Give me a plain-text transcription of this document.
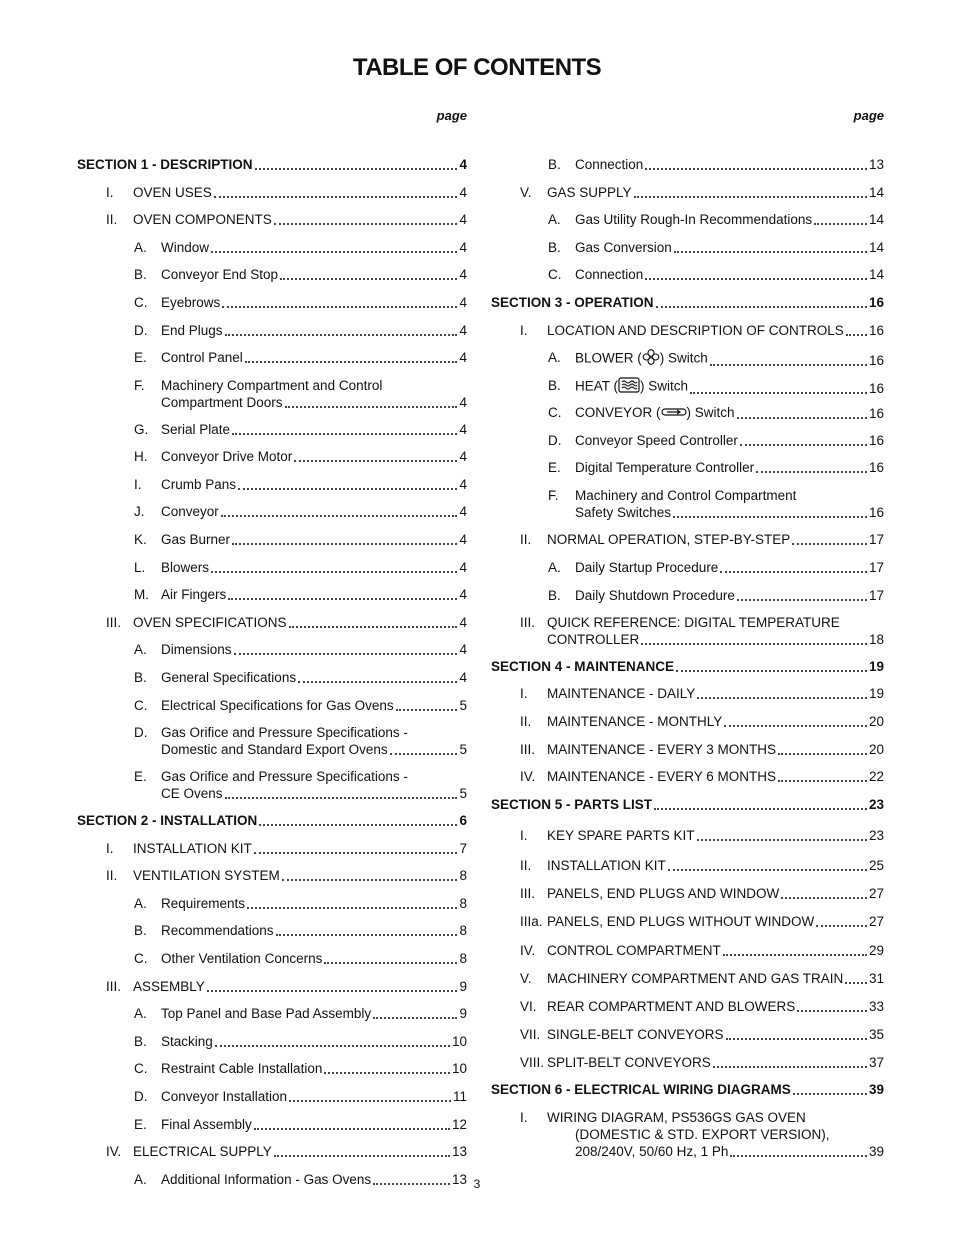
TABLE OF CONTENTS
page
SECTION 1 - DESCRIPTION	4
I. OVEN USES	4
II. OVEN COMPONENTS	4
A. Window	4
B. Conveyor End Stop	4
C. Eyebrows	4
D. End Plugs	4
E. Control Panel	4
F.	Machinery Compartment and Control
Compartment Doors	4
G. Serial Plate	4
H. Conveyor Drive Motor	4
I. Crumb Pans	4
J. Conveyor	4
K. Gas Burner	4
L. Blowers	4
M. Air Fingers	4
III. OVEN SPECIFICATIONS	4
A. Dimensions	4
B. General Specifications	4
C. Electrical Specifications for Gas Ovens	5
D.	Gas Orifice and Pressure Specifications -
Domestic and Standard Export Ovens	5
E.	Gas Orifice and Pressure Specifications -
CE Ovens	5
SECTION 2 - INSTALLATION	6
I. INSTALLATION KIT	7
II. VENTILATION SYSTEM	8
A. Requirements	8
B. Recommendations	8
C. Other Ventilation Concerns	8
III. ASSEMBLY	9
A. Top Panel and Base Pad Assembly	9
B. Stacking	10
C. Restraint Cable Installation	10
D. Conveyor Installation	11
E. Final Assembly	12
IV. ELECTRICAL SUPPLY	13
A. Additional Information - Gas Ovens	13
page
B. Connection	13
V. GAS SUPPLY	14
A. Gas Utility Rough-In Recommendations	14
B. Gas Conversion	14
C. Connection	14
SECTION 3 - OPERATION	16
I. LOCATION AND DESCRIPTION OF CONTROLS 16
A. BLOWER ( ) Switch	16
B. HEAT ( ) Switch	16
C. CONVEYOR ( ) Switch	16
D. Conveyor Speed Controller	16
E. Digital Temperature Controller	16
F.	Machinery and Control Compartment
Safety Switches	16
II. NORMAL OPERATION, STEP-BY-STEP	17
A. Daily Startup Procedure	17
B. Daily Shutdown Procedure	17
III. QUICK REFERENCE: DIGITAL TEMPERATURE
CONTROLLER	18
SECTION 4 - MAINTENANCE	19
I. MAINTENANCE - DAILY	19
II. MAINTENANCE - MONTHLY	20
III. MAINTENANCE - EVERY 3 MONTHS	20
IV. MAINTENANCE - EVERY 6 MONTHS	22
SECTION 5 - PARTS LIST	23
I. KEY SPARE PARTS KIT	23
II. INSTALLATION KIT	25
III. PANELS, END PLUGS AND WINDOW	27
IIIa. PANELS, END PLUGS WITHOUT WINDOW	27
IV. CONTROL COMPARTMENT	29
V. MACHINERY COMPARTMENT AND GAS TRAIN 31
VI. REAR COMPARTMENT AND BLOWERS	33
VII. SINGLE-BELT CONVEYORS	35
VIII. SPLIT-BELT CONVEYORS	37
SECTION 6 - ELECTRICAL WIRING DIAGRAMS	39
I.	WIRING DIAGRAM, PS536GS GAS OVEN
(DOMESTIC & STD. EXPORT VERSION),
208/240V, 50/60 Hz, 1 Ph	39
3
